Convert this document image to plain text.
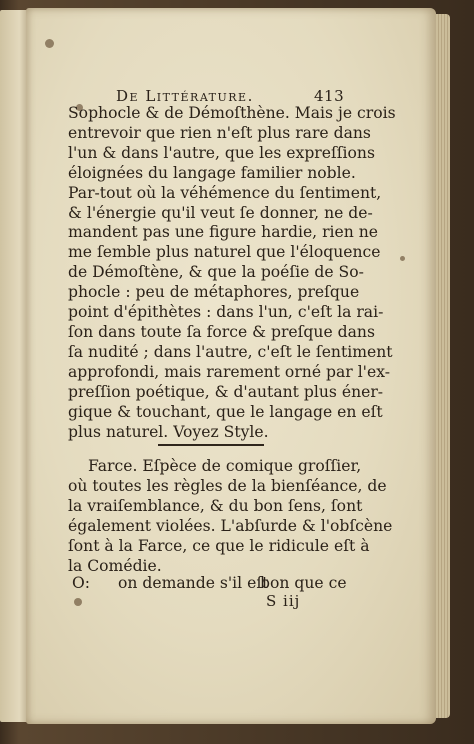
De Littérature.	413
Sophocle & de Démoſthène. Mais je crois
entrevoir que rien n'eſt plus rare dans
l'un & dans l'autre, que les expreſſions
éloignées du langage familier noble.
Par-tout où la véhémence du ſentiment,
& l'énergie qu'il veut ſe donner, ne de-
mandent pas une figure hardie, rien ne
me ſemble plus naturel que l'éloquence
de Démoſtène, & que la poéſie de So-
phocle : peu de métaphores, preſque
point d'épithètes : dans l'un, c'eſt la rai-
ſon dans toute ſa force & preſque dans
ſa nudité ; dans l'autre, c'eſt le ſentiment
approfondi, mais rarement orné par l'ex-
preſſion poétique, & d'autant plus éner-
gique & touchant, que le langage en eſt
plus naturel. Voyez Style.
Farce. Eſpèce de comique groſſier,
où toutes les règles de la bienſéance, de
la vraiſemblance, & du bon ſens, ſont
également violées. L'abſurde & l'obſcène
ſont à la Farce, ce que le ridicule eſt à
la Comédie.
O: on demande s'il eſt
bon que ce
S iij
